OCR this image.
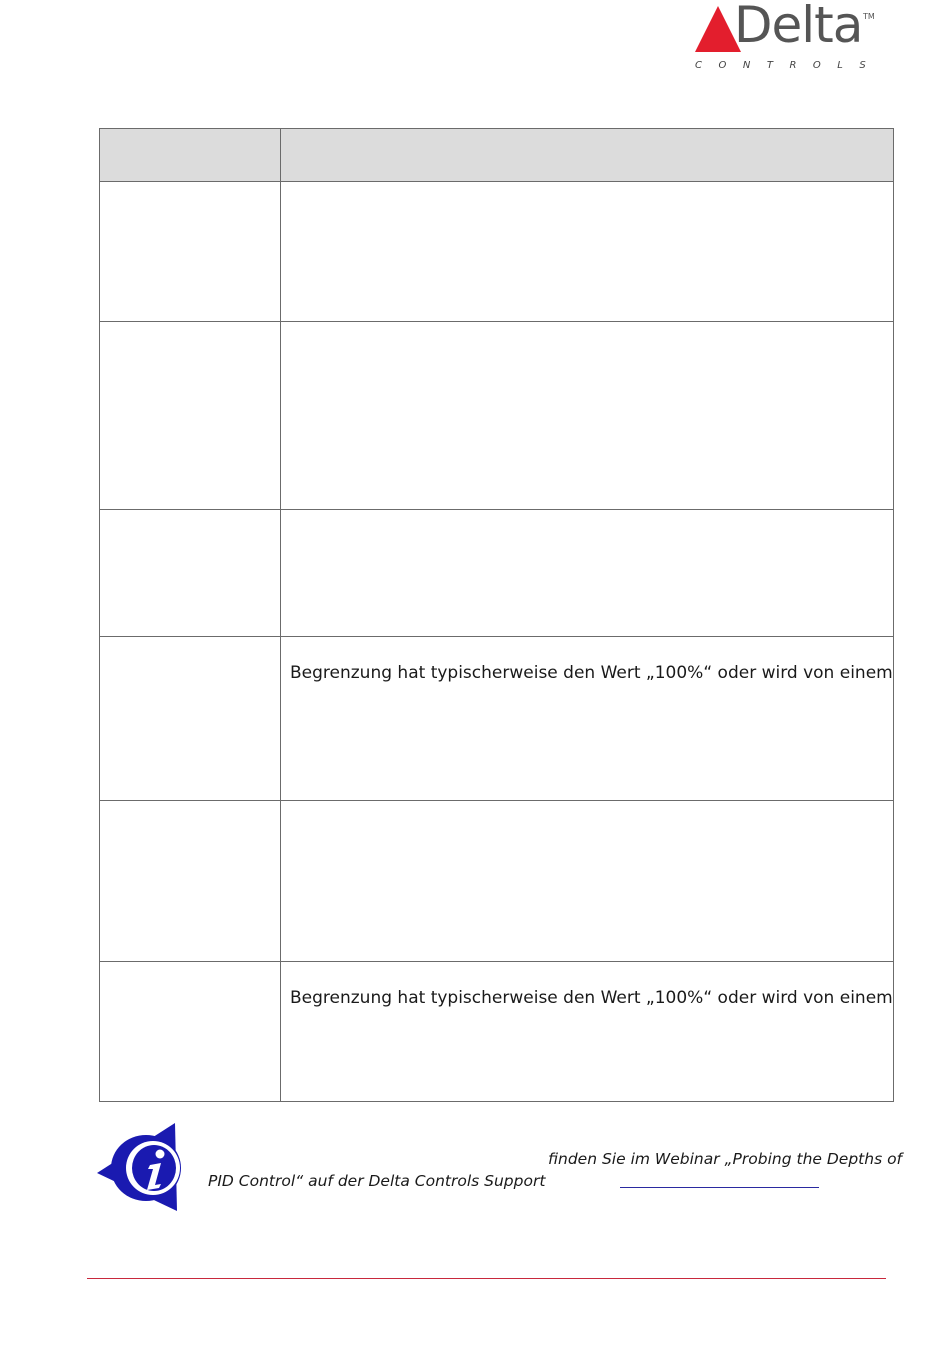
Delta TM
CONTROLS

	Begrenzung hat typischerweise den Wert „100%“ oder wird von einem

	Begrenzung hat typischerweise den Wert „100%“ oder wird von einem
finden Sie im Webinar „Probing the Depths of
PID Control“ auf der Delta Controls Support
